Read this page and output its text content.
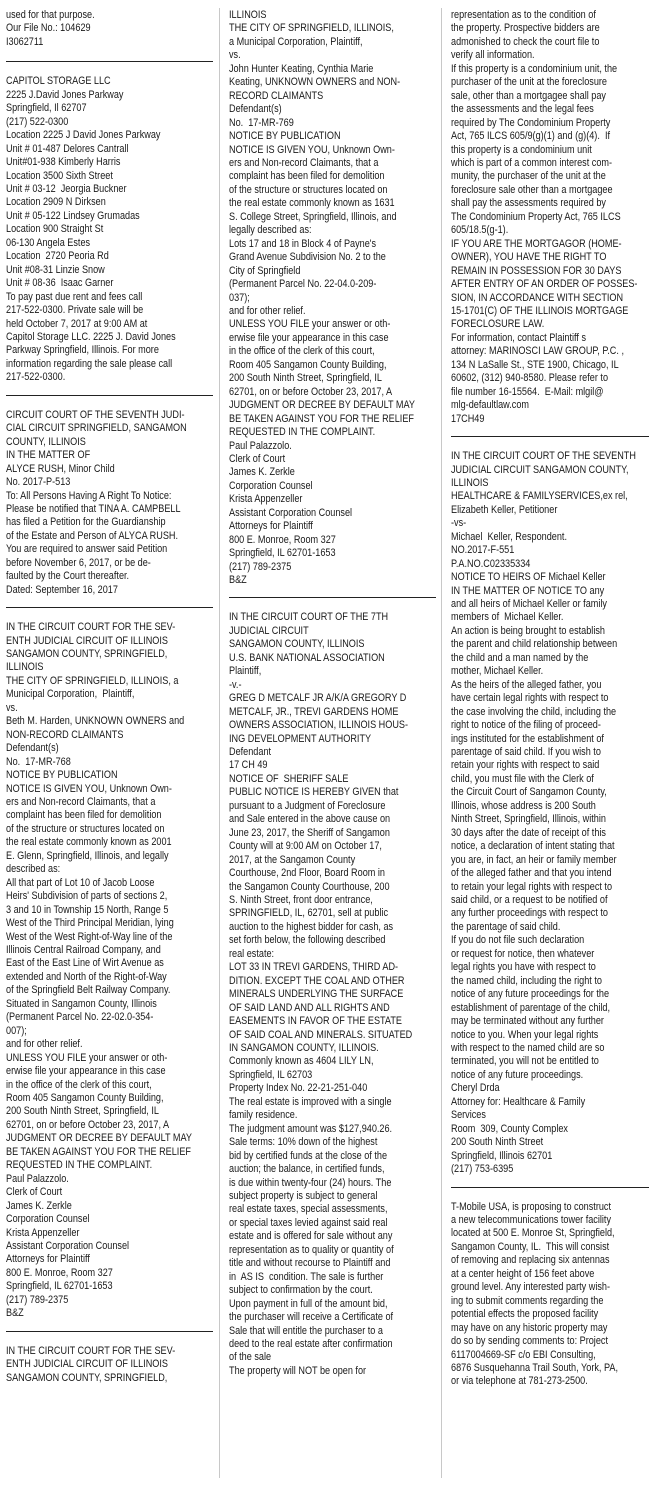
used for that purpose.
Our File No.: 104629
I3062711
CAPITOL STORAGE LLC
2225 J.David Jones Parkway
Springfield, Il 62707
(217) 522-0300
Location 2225 J David Jones Parkway
Unit # 01-487 Delores Cantrall
Unit#01-938 Kimberly Harris
Location 3500 Sixth Street
Unit # 03-12  Jeorgia Buckner
Location 2909 N Dirksen
Unit # 05-122 Lindsey Grumadas
Location 900 Straight St
06-130 Angela Estes
Location  2720 Peoria Rd
Unit #08-31 Linzie Snow
Unit # 08-36  Isaac Garner
To pay past due rent and fees call
217-522-0300. Private sale will be
held October 7, 2017 at 9:00 AM at
Capitol Storage LLC. 2225 J. David Jones
Parkway Springfield, Illinois. For more
information regarding the sale please call
217-522-0300.
CIRCUIT COURT OF THE SEVENTH JUDI-
CIAL CIRCUIT SPRINGFIELD, SANGAMON
COUNTY, ILLINOIS
IN THE MATTER OF
ALYCE RUSH, Minor Child
No. 2017-P-513
To: All Persons Having A Right To Notice:
Please be notified that TINA A. CAMPBELL
has filed a Petition for the Guardianship
of the Estate and Person of ALYCA RUSH.
You are required to answer said Petition
before November 6, 2017, or be de-
faulted by the Court thereafter.
Dated: September 16, 2017
IN THE CIRCUIT COURT FOR THE SEV-
ENTH JUDICIAL CIRCUIT OF ILLINOIS
SANGAMON COUNTY, SPRINGFIELD,
ILLINOIS
THE CITY OF SPRINGFIELD, ILLINOIS, a
Municipal Corporation,  Plaintiff,
vs.
Beth M. Harden, UNKNOWN OWNERS and
NON-RECORD CLAIMANTS
Defendant(s)
No.  17-MR-768
NOTICE BY PUBLICATION
NOTICE IS GIVEN YOU, Unknown Own-
ers and Non-record Claimants, that a
complaint has been filed for demolition
of the structure or structures located on
the real estate commonly known as 2001
E. Glenn, Springfield, Illinois, and legally
described as:
All that part of Lot 10 of Jacob Loose
Heirs' Subdivision of parts of sections 2,
3 and 10 in Township 15 North, Range 5
West of the Third Principal Meridian, lying
West of the West Right-of-Way line of the
Illinois Central Railroad Company, and
East of the East Line of Wirt Avenue as
extended and North of the Right-of-Way
of the Springfield Belt Railway Company.
Situated in Sangamon County, Illinois
(Permanent Parcel No. 22-02.0-354-
007);
and for other relief.
UNLESS YOU FILE your answer or oth-
erwise file your appearance in this case
in the office of the clerk of this court,
Room 405 Sangamon County Building,
200 South Ninth Street, Springfield, IL
62701, on or before October 23, 2017, A
JUDGMENT OR DECREE BY DEFAULT MAY
BE TAKEN AGAINST YOU FOR THE RELIEF
REQUESTED IN THE COMPLAINT.
Paul Palazzolo.
Clerk of Court
James K. Zerkle
Corporation Counsel
Krista Appenzeller
Assistant Corporation Counsel
Attorneys for Plaintiff
800 E. Monroe, Room 327
Springfield, IL 62701-1653
(217) 789-2375
B&Z
IN THE CIRCUIT COURT FOR THE SEV-
ENTH JUDICIAL CIRCUIT OF ILLINOIS
SANGAMON COUNTY, SPRINGFIELD,
ILLINOIS
THE CITY OF SPRINGFIELD, ILLINOIS,
a Municipal Corporation, Plaintiff,
vs.
John Hunter Keating, Cynthia Marie
Keating, UNKNOWN OWNERS and NON-
RECORD CLAIMANTS
Defendant(s)
No.  17-MR-769
NOTICE BY PUBLICATION
NOTICE IS GIVEN YOU, Unknown Own-
ers and Non-record Claimants, that a
complaint has been filed for demolition
of the structure or structures located on
the real estate commonly known as 1631
S. College Street, Springfield, Illinois, and
legally described as:
Lots 17 and 18 in Block 4 of Payne's
Grand Avenue Subdivision No. 2 to the
City of Springfield
(Permanent Parcel No. 22-04.0-209-
037);
and for other relief.
UNLESS YOU FILE your answer or oth-
erwise file your appearance in this case
in the office of the clerk of this court,
Room 405 Sangamon County Building,
200 South Ninth Street, Springfield, IL
62701, on or before October 23, 2017, A
JUDGMENT OR DECREE BY DEFAULT MAY
BE TAKEN AGAINST YOU FOR THE RELIEF
REQUESTED IN THE COMPLAINT.
Paul Palazzolo.
Clerk of Court
James K. Zerkle
Corporation Counsel
Krista Appenzeller
Assistant Corporation Counsel
Attorneys for Plaintiff
800 E. Monroe, Room 327
Springfield, IL 62701-1653
(217) 789-2375
B&Z
IN THE CIRCUIT COURT OF THE 7TH
JUDICIAL CIRCUIT
SANGAMON COUNTY, ILLINOIS
U.S. BANK NATIONAL ASSOCIATION
Plaintiff,
-v.-
GREG D METCALF JR A/K/A GREGORY D
METCALF, JR., TREVI GARDENS HOME
OWNERS ASSOCIATION, ILLINOIS HOUS-
ING DEVELOPMENT AUTHORITY
Defendant
17 CH 49
NOTICE OF  SHERIFF SALE
PUBLIC NOTICE IS HEREBY GIVEN that
pursuant to a Judgment of Foreclosure
and Sale entered in the above cause on
June 23, 2017, the Sheriff of Sangamon
County will at 9:00 AM on October 17,
2017, at the Sangamon County
Courthouse, 2nd Floor, Board Room in
the Sangamon County Courthouse, 200
S. Ninth Street, front door entrance,
SPRINGFIELD, IL, 62701, sell at public
auction to the highest bidder for cash, as
set forth below, the following described
real estate:
LOT 33 IN TREVI GARDENS, THIRD AD-
DITION. EXCEPT THE COAL AND OTHER
MINERALS UNDERLYING THE SURFACE
OF SAID LAND AND ALL RIGHTS AND
EASEMENTS IN FAVOR OF THE ESTATE
OF SAID COAL AND MINERALS. SITUATED
IN SANGAMON COUNTY, ILLINOIS.
Commonly known as 4604 LILY LN,
Springfield, IL 62703
Property Index No. 22-21-251-040
The real estate is improved with a single
family residence.
The judgment amount was $127,940.26.
Sale terms: 10% down of the highest
bid by certified funds at the close of the
auction; the balance, in certified funds,
is due within twenty-four (24) hours. The
subject property is subject to general
real estate taxes, special assessments,
or special taxes levied against said real
estate and is offered for sale without any
representation as to quality or quantity of
title and without recourse to Plaintiff and
in  AS IS  condition. The sale is further
subject to confirmation by the court.
Upon payment in full of the amount bid,
the purchaser will receive a Certificate of
Sale that will entitle the purchaser to a
deed to the real estate after confirmation
of the sale
The property will NOT be open for
representation as to the condition of
the property. Prospective bidders are
admonished to check the court file to
verify all information.
If this property is a condominium unit, the
purchaser of the unit at the foreclosure
sale, other than a mortgagee shall pay
the assessments and the legal fees
required by The Condominium Property
Act, 765 ILCS 605/9(g)(1) and (g)(4).  If
this property is a condominium unit
which is part of a common interest com-
munity, the purchaser of the unit at the
foreclosure sale other than a mortgagee
shall pay the assessments required by
The Condominium Property Act, 765 ILCS
605/18.5(g-1).
IF YOU ARE THE MORTGAGOR (HOME-
OWNER), YOU HAVE THE RIGHT TO
REMAIN IN POSSESSION FOR 30 DAYS
AFTER ENTRY OF AN ORDER OF POSSES-
SION, IN ACCORDANCE WITH SECTION
15-1701(C) OF THE ILLINOIS MORTGAGE
FORECLOSURE LAW.
For information, contact Plaintiff s
attorney: MARINOSCI LAW GROUP, P.C. ,
134 N LaSalle St., STE 1900, Chicago, IL
60602, (312) 940-8580. Please refer to
file number 16-15564.  E-Mail: mlgil@
mlg-defaultlaw.com
17CH49
IN THE CIRCUIT COURT OF THE SEVENTH
JUDICIAL CIRCUIT SANGAMON COUNTY,
ILLINOIS
HEALTHCARE & FAMILYSERVICES,ex rel,
Elizabeth Keller, Petitioner
-vs-
Michael  Keller, Respondent.
NO.2017-F-551
P.A.NO.C02335334
NOTICE TO HEIRS OF Michael Keller
IN THE MATTER OF NOTICE TO any
and all heirs of Michael Keller or family
members of  Michael Keller.
An action is being brought to establish
the parent and child relationship between
the child and a man named by the
mother, Michael Keller.
As the heirs of the alleged father, you
have certain legal rights with respect to
the case involving the child, including the
right to notice of the filing of proceed-
ings instituted for the establishment of
parentage of said child. If you wish to
retain your rights with respect to said
child, you must file with the Clerk of
the Circuit Court of Sangamon County,
Illinois, whose address is 200 South
Ninth Street, Springfield, Illinois, within
30 days after the date of receipt of this
notice, a declaration of intent stating that
you are, in fact, an heir or family member
of the alleged father and that you intend
to retain your legal rights with respect to
said child, or a request to be notified of
any further proceedings with respect to
the parentage of said child.
If you do not file such declaration
or request for notice, then whatever
legal rights you have with respect to
the named child, including the right to
notice of any future proceedings for the
establishment of parentage of the child,
may be terminated without any further
notice to you. When your legal rights
with respect to the named child are so
terminated, you will not be entitled to
notice of any future proceedings.
Cheryl Drda
Attorney for: Healthcare & Family
Services
Room  309, County Complex
200 South Ninth Street
Springfield, Illinois 62701
(217) 753-6395
T-Mobile USA, is proposing to construct
a new telecommunications tower facility
located at 500 E. Monroe St, Springfield,
Sangamon County, IL.  This will consist
of removing and replacing six antennas
at a center height of 156 feet above
ground level. Any interested party wish-
ing to submit comments regarding the
potential effects the proposed facility
may have on any historic property may
do so by sending comments to: Project
6117004669-SF c/o EBI Consulting,
6876 Susquehanna Trail South, York, PA,
or via telephone at 781-273-2500.
